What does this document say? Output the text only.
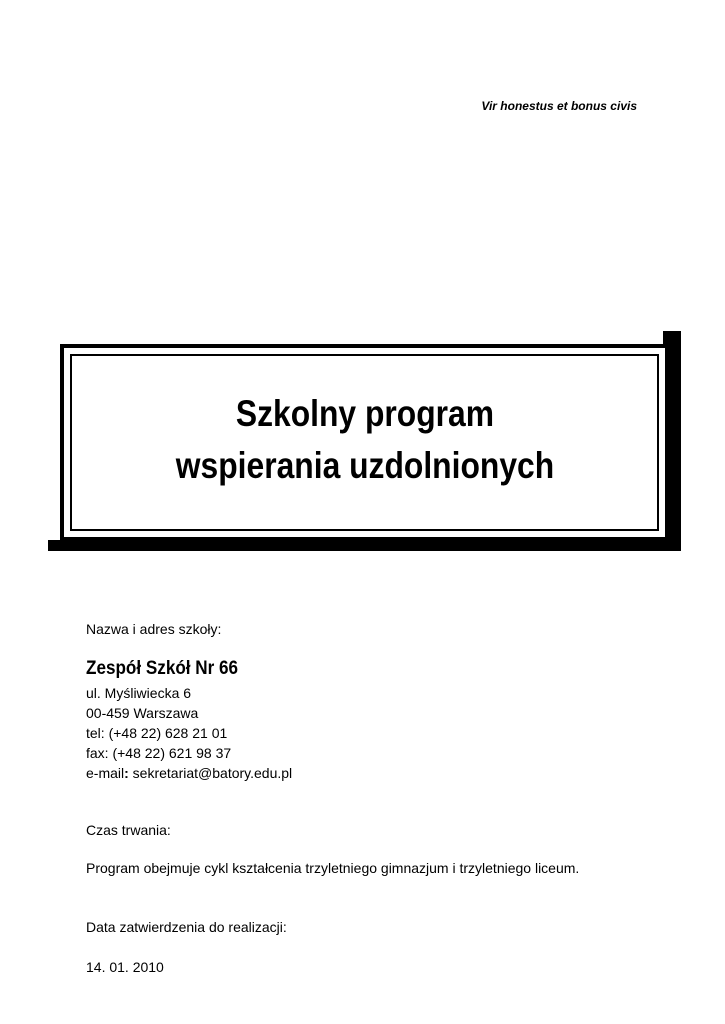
Vir honestus et bonus civis
Szkolny program
wspierania uzdolnionych
Nazwa i adres szkoły:
Zespół Szkół Nr 66
ul. Myśliwiecka 6
00-459 Warszawa
tel: (+48 22) 628 21 01
fax: (+48 22) 621 98 37
e-mail: sekretariat@batory.edu.pl
Czas trwania:
Program obejmuje cykl kształcenia trzyletniego gimnazjum i trzyletniego liceum.
Data zatwierdzenia do realizacji:
14. 01. 2010
